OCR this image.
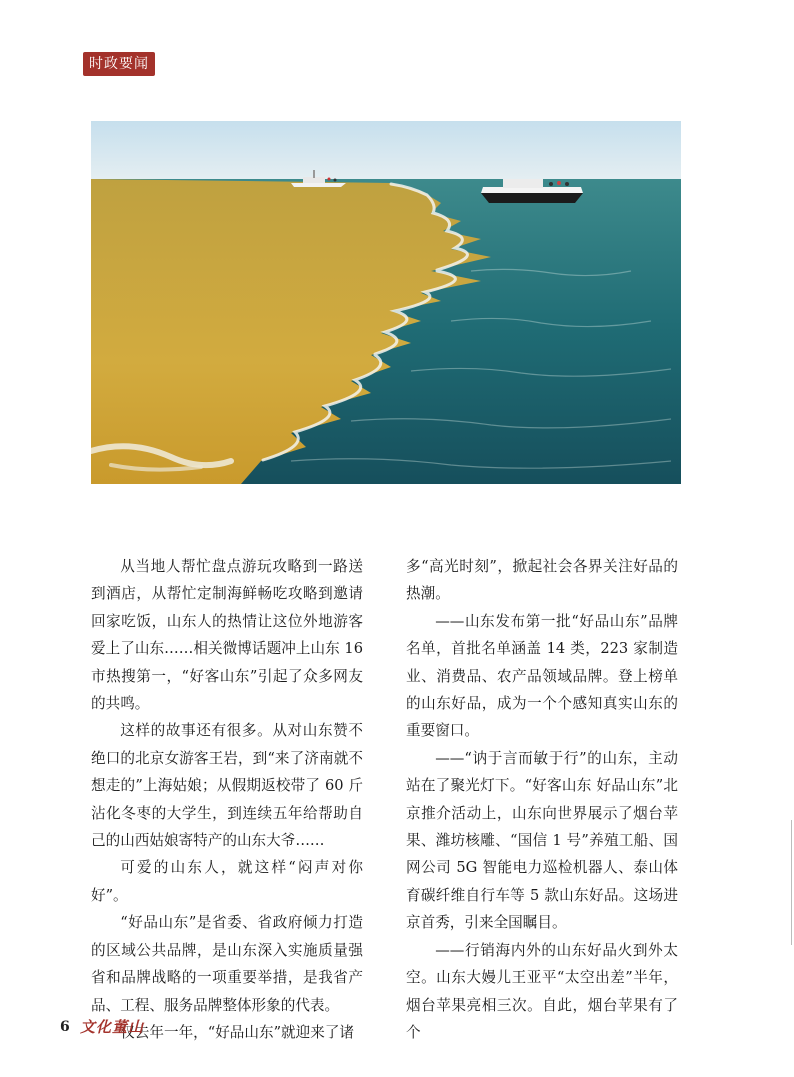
时政要闻

从当地人帮忙盘点游玩攻略到一路送到酒店，从帮忙定制海鲜畅吃攻略到邀请回家吃饭，山东人的热情让这位外地游客爱上了山东……相关微博话题冲上山东 16 市热搜第一，“好客山东”引起了众多网友的共鸣。

这样的故事还有很多。从对山东赞不绝口的北京女游客王岩，到“来了济南就不想走的”上海姑娘；从假期返校带了 60 斤沾化冬枣的大学生，到连续五年给帮助自己的山西姑娘寄特产的山东大爷……

可爱的山东人，就这样“闷声对你好”。

“好品山东”是省委、省政府倾力打造的区域公共品牌，是山东深入实施质量强省和品牌战略的一项重要举措，是我省产品、工程、服务品牌整体形象的代表。

仅去年一年，“好品山东”就迎来了诸

多“高光时刻”，掀起社会各界关注好品的热潮。

——山东发布第一批“好品山东”品牌名单，首批名单涵盖 14 类，223 家制造业、消费品、农产品领域品牌。登上榜单的山东好品，成为一个个感知真实山东的重要窗口。

——“讷于言而敏于行”的山东，主动站在了聚光灯下。“好客山东 好品山东”北京推介活动上，山东向世界展示了烟台苹果、潍坊核雕、“国信 1 号”养殖工船、国网公司 5G 智能电力巡检机器人、泰山体育碳纤维自行车等 5 款山东好品。这场进京首秀，引来全国瞩目。

——行销海内外的山东好品火到外太空。山东大嫚儿王亚平“太空出差”半年，烟台苹果亮相三次。自此，烟台苹果有了个

6 文化董山
